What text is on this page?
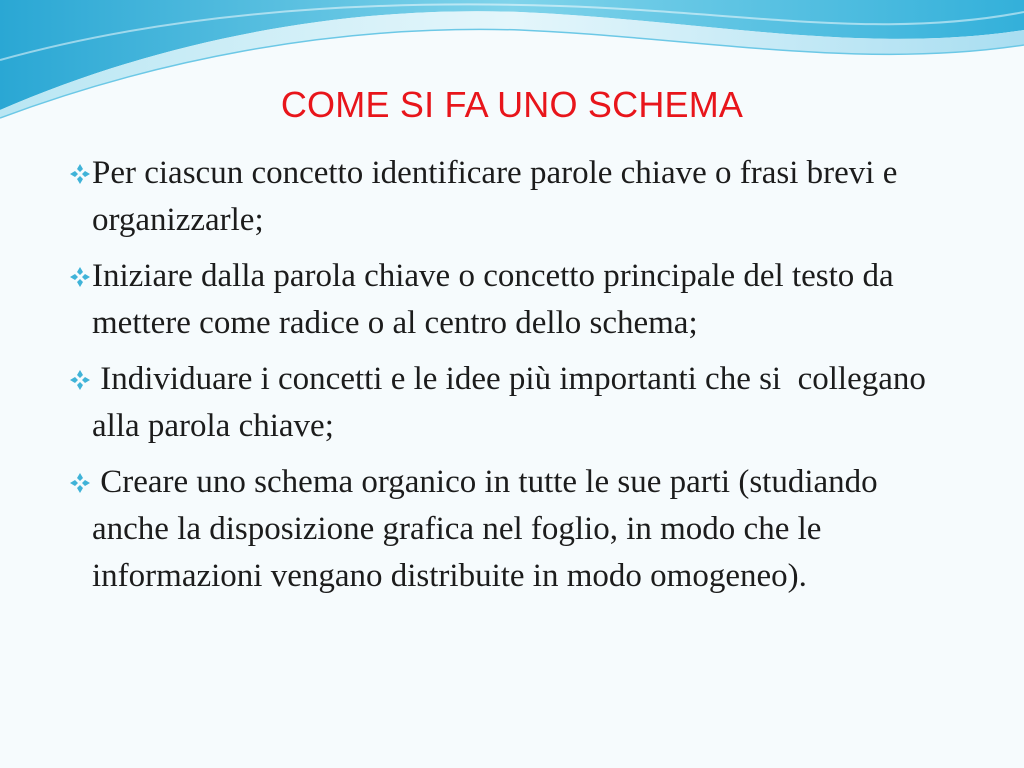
COME SI FA UNO SCHEMA
Per ciascun concetto identificare parole chiave o frasi brevi e organizzarle;
Iniziare dalla parola chiave o concetto principale del testo da mettere come radice o al centro dello schema;
Individuare i concetti e le idee più importanti che si  collegano alla parola chiave;
Creare uno schema organico in tutte le sue parti (studiando  anche la disposizione grafica nel foglio, in modo che le informazioni vengano distribuite in modo omogeneo).
